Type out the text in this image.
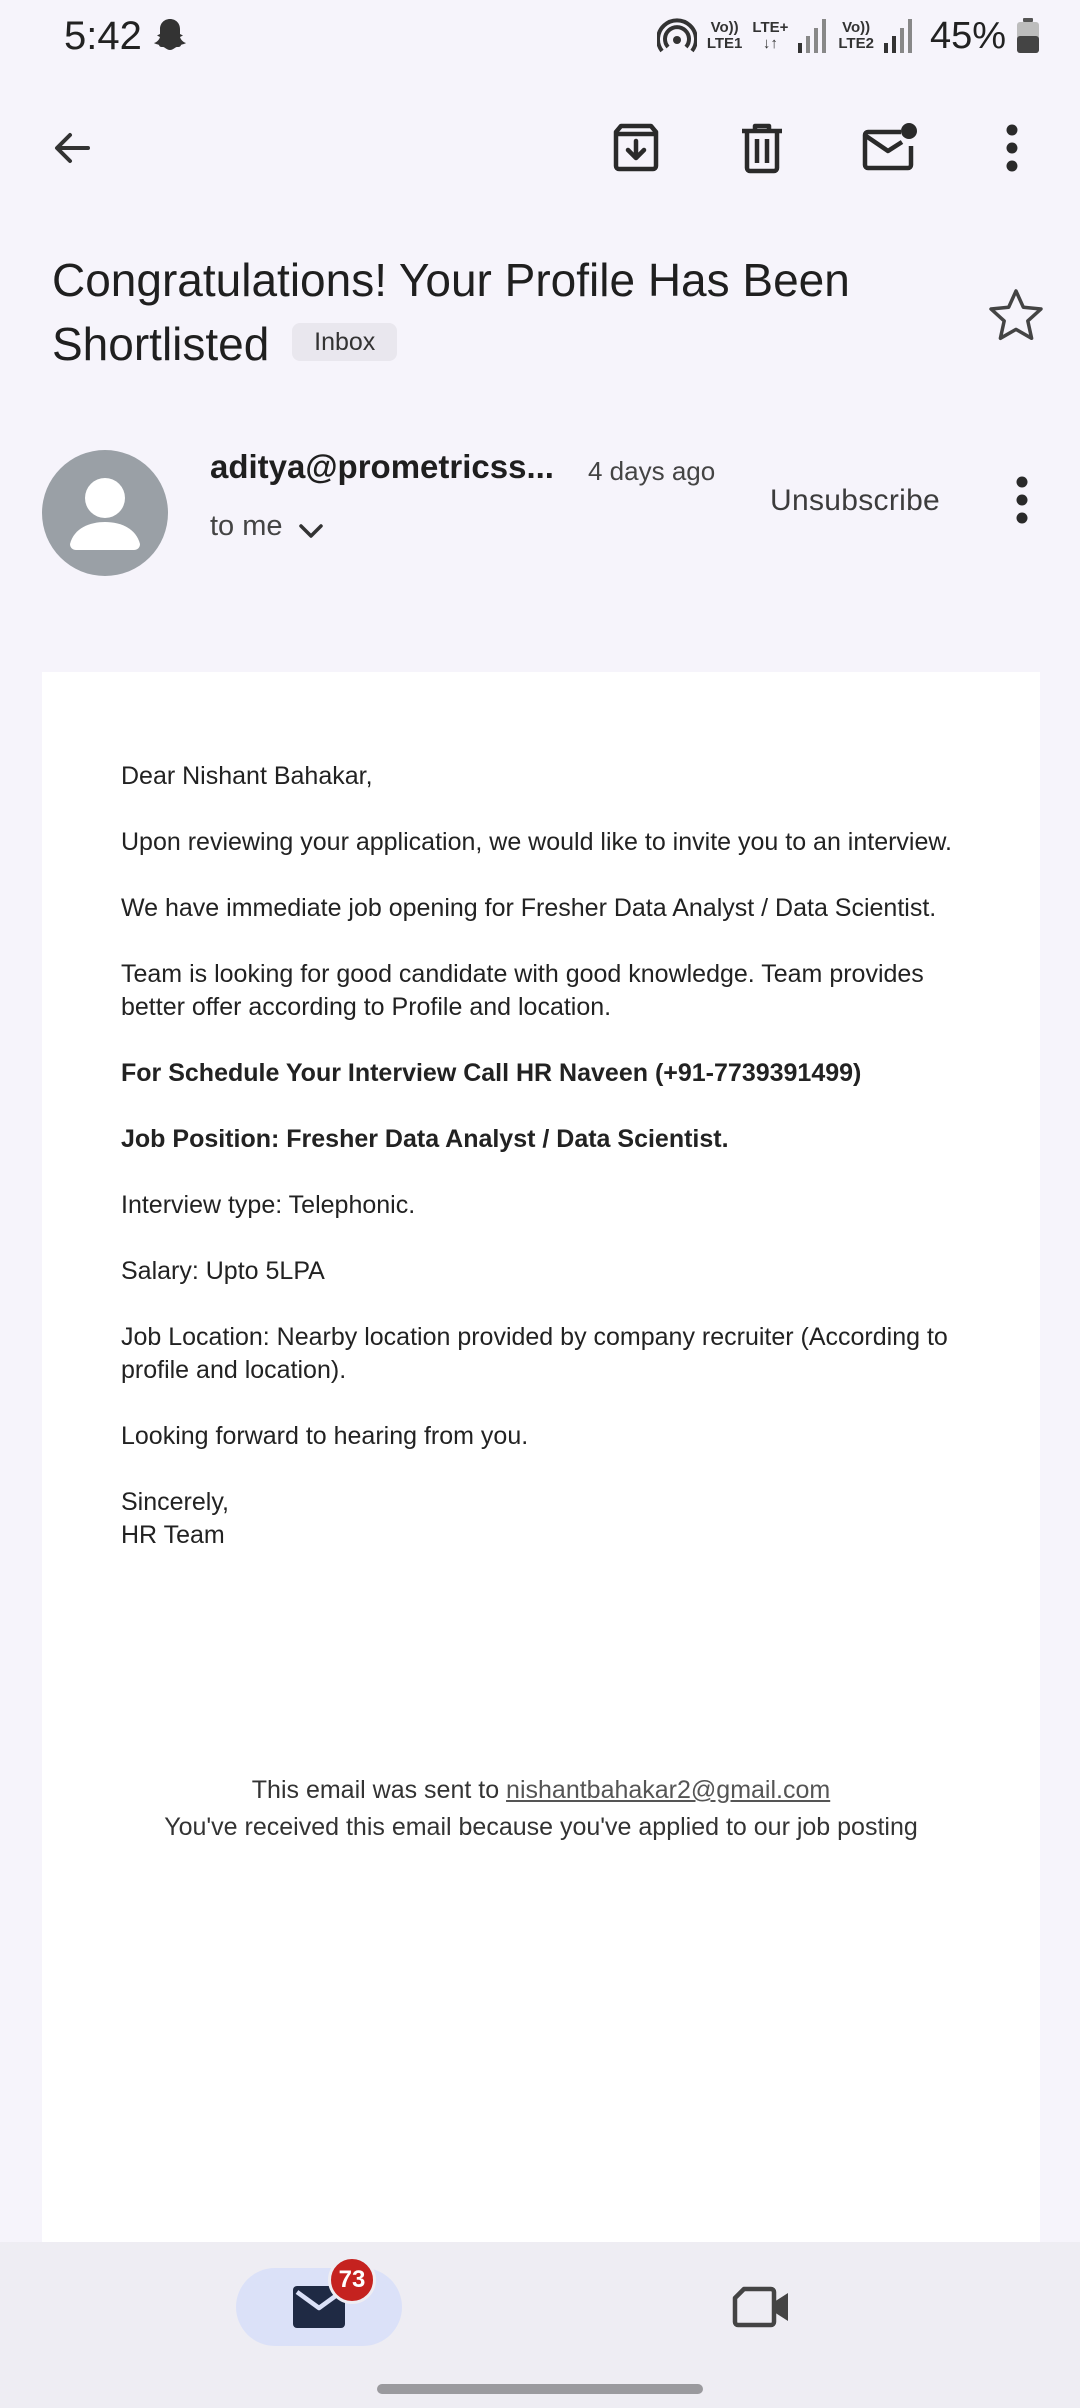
5:42	Vo))
LTE1
LTE+
↓↑
Vo))
LTE2 45%
Congratulations! Your Profile Has Been Shortlisted Inbox
aditya@prometricss... 4 days ago
to me
Unsubscribe

Dear Nishant Bahakar,

Upon reviewing your application, we would like to invite you to an interview.

We have immediate job opening for Fresher Data Analyst / Data Scientist.

Team is looking for good candidate with good knowledge. Team provides better offer according to Profile and location.

For Schedule Your Interview Call HR Naveen (+91-7739391499)

Job Position: Fresher Data Analyst / Data Scientist.

Interview type: Telephonic.

Salary: Upto 5LPA

Job Location: Nearby location provided by company recruiter (According to profile and location).

Looking forward to hearing from you.

Sincerely,
HR Team
This email was sent to nishantbahakar2@gmail.com
You've received this email because you've applied to our job posting
73
